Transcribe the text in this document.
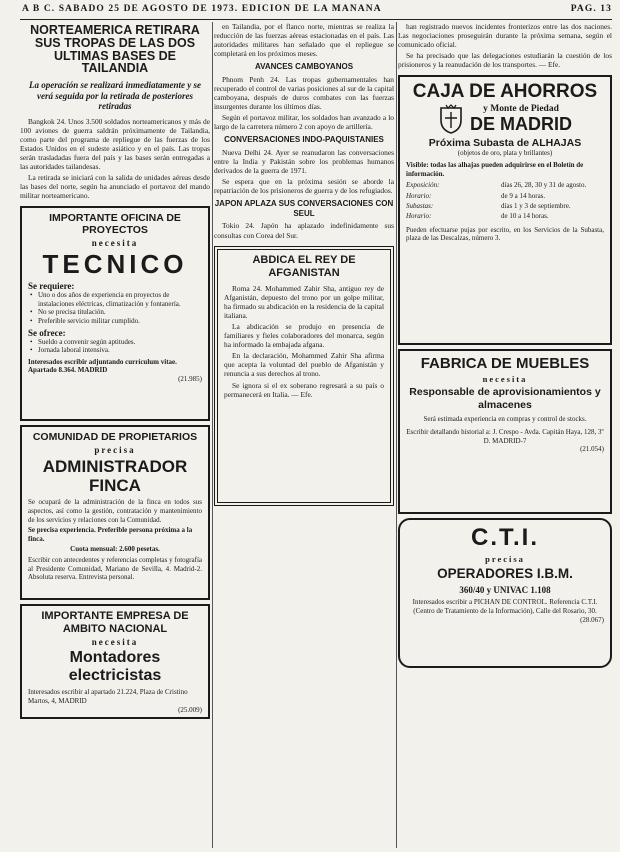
A B C. SABADO 25 DE AGOSTO DE 1973. EDICION DE LA MAÑANA	PAG. 13
NORTEAMERICA RETIRARA SUS TROPAS DE LAS DOS ULTIMAS BASES DE TAILANDIA
La operación se realizará inmediatamente y se verá seguida por la retirada de posteriores retiradas

Bangkok 24. Unos 3.500 soldados norteamericanos y más de 100 aviones de guerra saldrán próximamente de Tailandia, como parte del programa de repliegue de las fuerzas de los Estados Unidos en el sudeste asiático y en el país. Las tropas serán trasladadas fuera del país y las bases serán entregadas a las autoridades tailandesas.

La retirada se iniciará con la salida de unidades aéreas desde las bases del norte, según ha anunciado el portavoz del mando militar norteamericano.

IMPORTANTE OFICINA DE PROYECTOS
necesita
TECNICO
Se requiere:
• Uno o dos años de experiencia en proyectos de instalaciones eléctricas, climatización y fontanería.
• No se precisa titulación.
• Preferible servicio militar cumplido.
Se ofrece:
• Sueldo a convenir según aptitudes.
• Jornada laboral intensiva.
Interesados escribir adjuntando currículum vitae. Apartado 8.364. MADRID
(21.985)
COMUNIDAD DE PROPIETARIOS
precisa
ADMINISTRADOR FINCA
Se ocupará de la administración de la finca en todos sus aspectos, así como la gestión, contratación y mantenimiento de los servicios y relaciones con la Comunidad.
Se precisa experiencia. Preferible persona próxima a la finca.
Cuota mensual: 2.600 pesetas.
Escribir con antecedentes y referencias completas y fotografía al Presidente Comunidad, Mariano de Sevilla, 4. Madrid-2. Absoluta reserva. Entrevista personal.
IMPORTANTE EMPRESA DE AMBITO NACIONAL
necesita
Montadores electricistas
Interesados escribir al apartado 21.224, Plaza de Cristino Martos, 4, MADRID
(25.009)

en Tailandia, por el flanco norte, mientras se realiza la reducción de las fuerzas aéreas estacionadas en el país. Las autoridades militares han señalado que el repliegue se completará en los próximos meses.

AVANCES CAMBOYANOS

Phnom Penh 24. Las tropas gubernamentales han recuperado el control de varias posiciones al sur de la capital camboyana, después de duros combates con las fuerzas insurgentes durante los últimos días.

Según el portavoz militar, los soldados han avanzado a lo largo de la carretera número 2 con apoyo de artillería.

CONVERSACIONES INDO-PAQUISTANIES

Nueva Delhi 24. Ayer se reanudaron las conversaciones entre la India y Pakistán sobre los problemas humanos derivados de la guerra de 1971.

Se espera que en la próxima sesión se aborde la repatriación de los prisioneros de guerra y de los refugiados.

JAPON APLAZA SUS CONVERSACIONES CON SEUL

Tokio 24. Japón ha aplazado indefinidamente sus consultas con Corea del Sur.

ABDICA EL REY DE AFGANISTAN

Roma 24. Mohammed Zahir Sha, antiguo rey de Afganistán, depuesto del trono por un golpe militar, ha firmado su abdicación en la residencia de la capital italiana.

La abdicación se produjo en presencia de familiares y fieles colaboradores del monarca, según ha informado la embajada afgana.

En la declaración, Mohammed Zahir Sha afirma que acepta la voluntad del pueblo de Afganistán y renuncia a sus derechos al trono.

Se ignora si el ex soberano regresará a su país o permanecerá en Italia. — Efe.

han registrado nuevos incidentes fronterizos entre las dos naciones. Las negociaciones proseguirán durante la próxima semana, según el comunicado oficial.

Se ha precisado que las delegaciones estudiarán la cuestión de los prisioneros y la reanudación de los transportes. — Efe.

CAJA DE AHORROS
y Monte de Piedad
DE MADRID
Próxima Subasta de ALHAJAS
(objetos de oro, plata y brillantes)
Visible: todas las alhajas pueden adquirirse en el Boletín de información.
Exposición:	días 26, 28, 30 y 31 de agosto.
Horario:	de 9 a 14 horas.
Subastas:	días 1 y 3 de septiembre.
Horario:	de 10 a 14 horas.
Pueden efectuarse pujas por escrito, en los Servicios de la Subasta, plaza de las Descalzas, número 3.
FABRICA DE MUEBLES
necesita
Responsable de aprovisionamientos y almacenes
Será estimada experiencia en compras y control de stocks.
Escribir detallando historial a: J. Crespo - Avda. Capitán Haya, 128, 3º D. MADRID-7
(21.054)
C.T.I.
precisa
OPERADORES I.B.M.
360/40 y UNIVAC 1.108
Interesados escribir a PICHAN DE CONTROL. Referencia C.T.I. (Centro de Tratamiento de la Información), Calle del Rosario, 30.
(28.067)
